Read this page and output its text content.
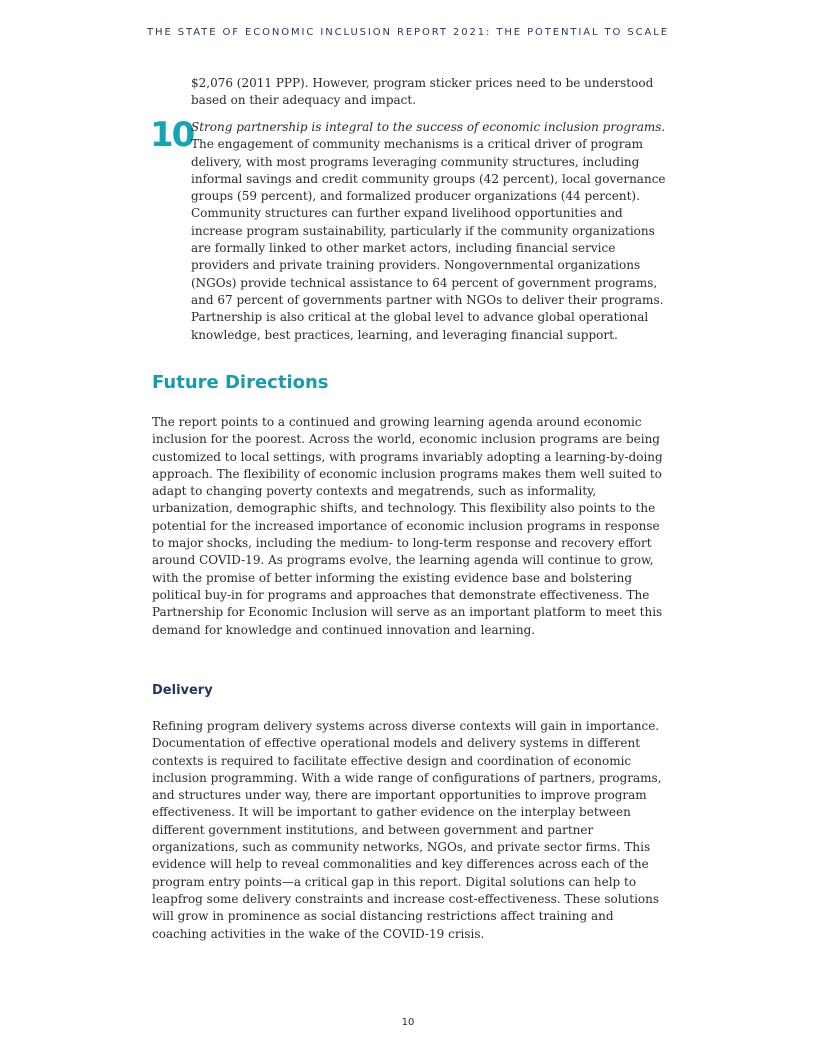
THE STATE OF ECONOMIC INCLUSION REPORT 2021: THE POTENTIAL TO SCALE

$2,076 (2011 PPP). However, program sticker prices need to be understood based on their adequacy and impact.

10

Strong partnership is integral to the success of economic inclusion programs. The engagement of community mechanisms is a critical driver of program delivery, with most programs leveraging community structures, including informal savings and credit community groups (42 percent), local governance groups (59 percent), and formalized producer organizations (44 percent). Community structures can further expand livelihood opportunities and increase program sustainability, particularly if the community organizations are formally linked to other market actors, including financial service providers and private training providers. Nongovernmental organizations (NGOs) provide technical assistance to 64 percent of government programs, and 67 percent of governments partner with NGOs to deliver their programs. Partnership is also critical at the global level to advance global operational knowledge, best practices, learning, and leveraging financial support.

Future Directions

The report points to a continued and growing learning agenda around economic inclusion for the poorest. Across the world, economic inclusion programs are being customized to local settings, with programs invariably adopting a learning-by-doing approach. The flexibility of economic inclusion programs makes them well suited to adapt to changing poverty contexts and megatrends, such as informality, urbanization, demographic shifts, and technology. This flexibility also points to the potential for the increased importance of economic inclusion programs in response to major shocks, including the medium- to long-term response and recovery effort around COVID-19. As programs evolve, the learning agenda will continue to grow, with the promise of better informing the existing evidence base and bolstering political buy-in for programs and approaches that demonstrate effectiveness. The Partnership for Economic Inclusion will serve as an important platform to meet this demand for knowledge and continued innovation and learning.

Delivery

Refining program delivery systems across diverse contexts will gain in importance. Documentation of effective operational models and delivery systems in different contexts is required to facilitate effective design and coordination of economic inclusion programming. With a wide range of configurations of partners, programs, and structures under way, there are important opportunities to improve program effectiveness. It will be important to gather evidence on the interplay between different government institutions, and between government and partner organizations, such as community networks, NGOs, and private sector firms. This evidence will help to reveal commonalities and key differences across each of the program entry points—a critical gap in this report. Digital solutions can help to leapfrog some delivery constraints and increase cost-effectiveness. These solutions will grow in prominence as social distancing restrictions affect training and coaching activities in the wake of the COVID-19 crisis.

10
